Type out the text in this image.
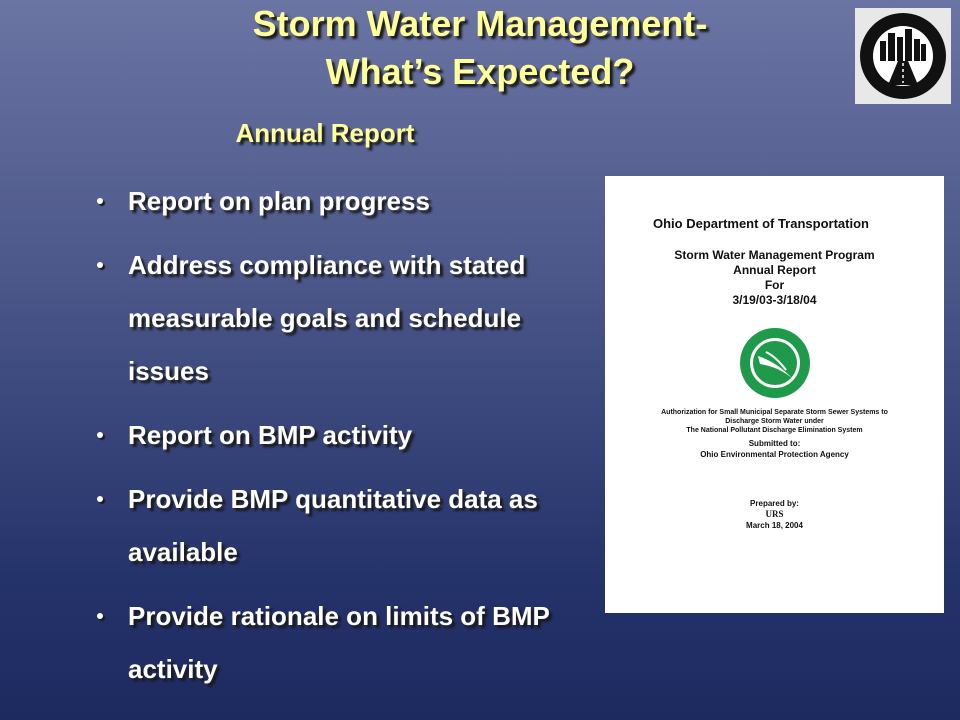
Storm Water Management-
What’s Expected?
Annual Report
Report on plan progress
Address compliance with stated measurable goals and schedule issues
Report on BMP activity
Provide BMP quantitative data as available
Provide rationale on limits of BMP activity
Ohio Department of Transportation
Storm Water Management Program
Annual Report
For
3/19/03-3/18/04
Authorization for Small Municipal Separate Storm Sewer Systems to
Discharge Storm Water under
The National Pollutant Discharge Elimination System
Submitted to:
Ohio Environmental Protection Agency
Prepared by:
URS
March 18, 2004
